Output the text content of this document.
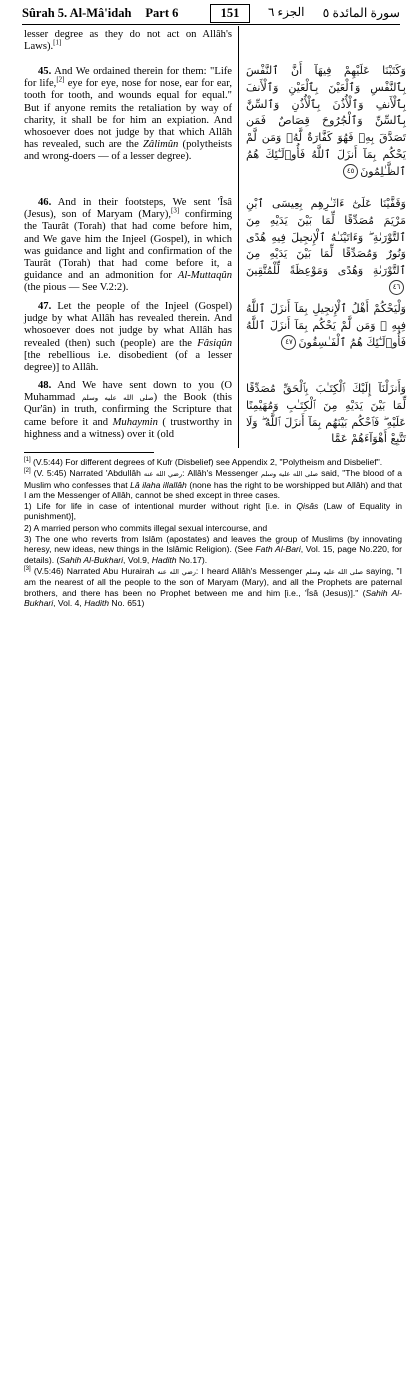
Sûrah 5. Al-Mâ'idah Part 6	151	الجزء ٦ سورة المائدة ٥

lesser degree as they do not act on Allâh's Laws).[1]

45. And We ordained therein for them: "Life for life,[2] eye for eye, nose for nose, ear for ear, tooth for tooth, and wounds equal for equal." But if anyone remits the retaliation by way of charity, it shall be for him an expiation. And whosoever does not judge by that which Allâh has revealed, such are the Zâlimûn (polytheists and wrong-doers — of a lesser degree).

وَكَتَبْنَا عَلَيْهِمْ فِيهَآ أَنَّ ٱلنَّفْسَ بِٱلنَّفْسِ وَٱلْعَيْنَ بِٱلْعَيْنِ وَٱلْأَنفَ بِٱلْأَنفِ وَٱلْأُذُنَ بِٱلْأُذُنِ وَٱلسِّنَّ بِٱلسِّنِّ وَٱلْجُرُوحَ قِصَاصٌ فَمَن تَصَدَّقَ بِهِۦ فَهُوَ كَفَّارَةٌ لَّهُۥ وَمَن لَّمْ يَحْكُم بِمَآ أَنزَلَ ٱللَّهُ فَأُو۟لَـٰٓئِكَ هُمُ ٱلظَّـٰلِمُونَ٤٥

46. And in their footsteps, We sent 'Îsâ (Jesus), son of Maryam (Mary),[3] confirming the Taurât (Torah) that had come before him, and We gave him the Injeel (Gospel), in which was guidance and light and confirmation of the Taurât (Torah) that had come before it, a guidance and an admonition for Al-Muttaqûn (the pious — See V.2:2).

وَقَفَّيْنَا عَلَىٰٓ ءَاثَـٰرِهِم بِعِيسَى ٱبْنِ مَرْيَمَ مُصَدِّقًا لِّمَا بَيْنَ يَدَيْهِ مِنَ ٱلتَّوْرَىٰةِ ۖ وَءَاتَيْنَـٰهُ ٱلْإِنجِيلَ فِيهِ هُدًى وَنُورٌ وَمُصَدِّقًا لِّمَا بَيْنَ يَدَيْهِ مِنَ ٱلتَّوْرَىٰةِ وَهُدًى وَمَوْعِظَةً لِّلْمُتَّقِينَ٤٦

47. Let the people of the Injeel (Gospel) judge by what Allâh has revealed therein. And whosoever does not judge by what Allâh has revealed (then) such (people) are the Fâsiqûn [the rebellious i.e. disobedient (of a lesser degree)] to Allâh.

وَلْيَحْكُمْ أَهْلُ ٱلْإِنجِيلِ بِمَآ أَنزَلَ ٱللَّهُ فِيهِ ۚ وَمَن لَّمْ يَحْكُم بِمَآ أَنزَلَ ٱللَّهُ فَأُو۟لَـٰٓئِكَ هُمُ ٱلْفَـٰسِقُونَ٤٧

48. And We have sent down to you (O Muhammad صلى الله عليه وسلم) the Book (this Qur'ân) in truth, confirming the Scripture that came before it and Muhaymin ( trustworthy in highness and a witness) over it (old

وَأَنزَلْنَآ إِلَيْكَ ٱلْكِتَـٰبَ بِٱلْحَقِّ مُصَدِّقًا لِّمَا بَيْنَ يَدَيْهِ مِنَ ٱلْكِتَـٰبِ وَمُهَيْمِنًا عَلَيْهِ ۖ فَٱحْكُم بَيْنَهُم بِمَآ أَنزَلَ ٱللَّهُ ۖ وَلَا تَتَّبِعْ أَهْوَآءَهُمْ عَمَّا

[1] (V.5:44) For different degrees of Kufr (Disbelief) see Appendix 2, "Polytheism and Disbelief".

[2] (V. 5:45) Narrated 'Abdullâh رضي الله عنه: Allâh's Messenger صلى الله عليه وسلم said, "The blood of a Muslim who confesses that Lâ ilaha illallâh (none has the right to be worshipped but Allâh) and that I am the Messenger of Allâh, cannot be shed except in three cases.

1) Life for life in case of intentional murder without right [i.e. in Qisâs (Law of Equality in punishment)],

2) A married person who commits illegal sexual intercourse, and

3) The one who reverts from Islâm (apostates) and leaves the group of Muslims (by innovating heresy, new ideas, new things in the Islâmic Religion). (See Fath Al-Bari, Vol. 15, page No.220, for details). (Sahih Al-Bukhari, Vol.9, Hadith No.17).

[3] (V.5:46) Narrated Abu Hurairah رضي الله عنه: I heard Allâh's Messenger صلى الله عليه وسلم saying, "I am the nearest of all the people to the son of Maryam (Mary), and all the Prophets are paternal brothers, and there has been no Prophet between me and him [i.e., 'Îsâ (Jesus)]." (Sahih Al-Bukhari, Vol. 4, Hadith No. 651)
